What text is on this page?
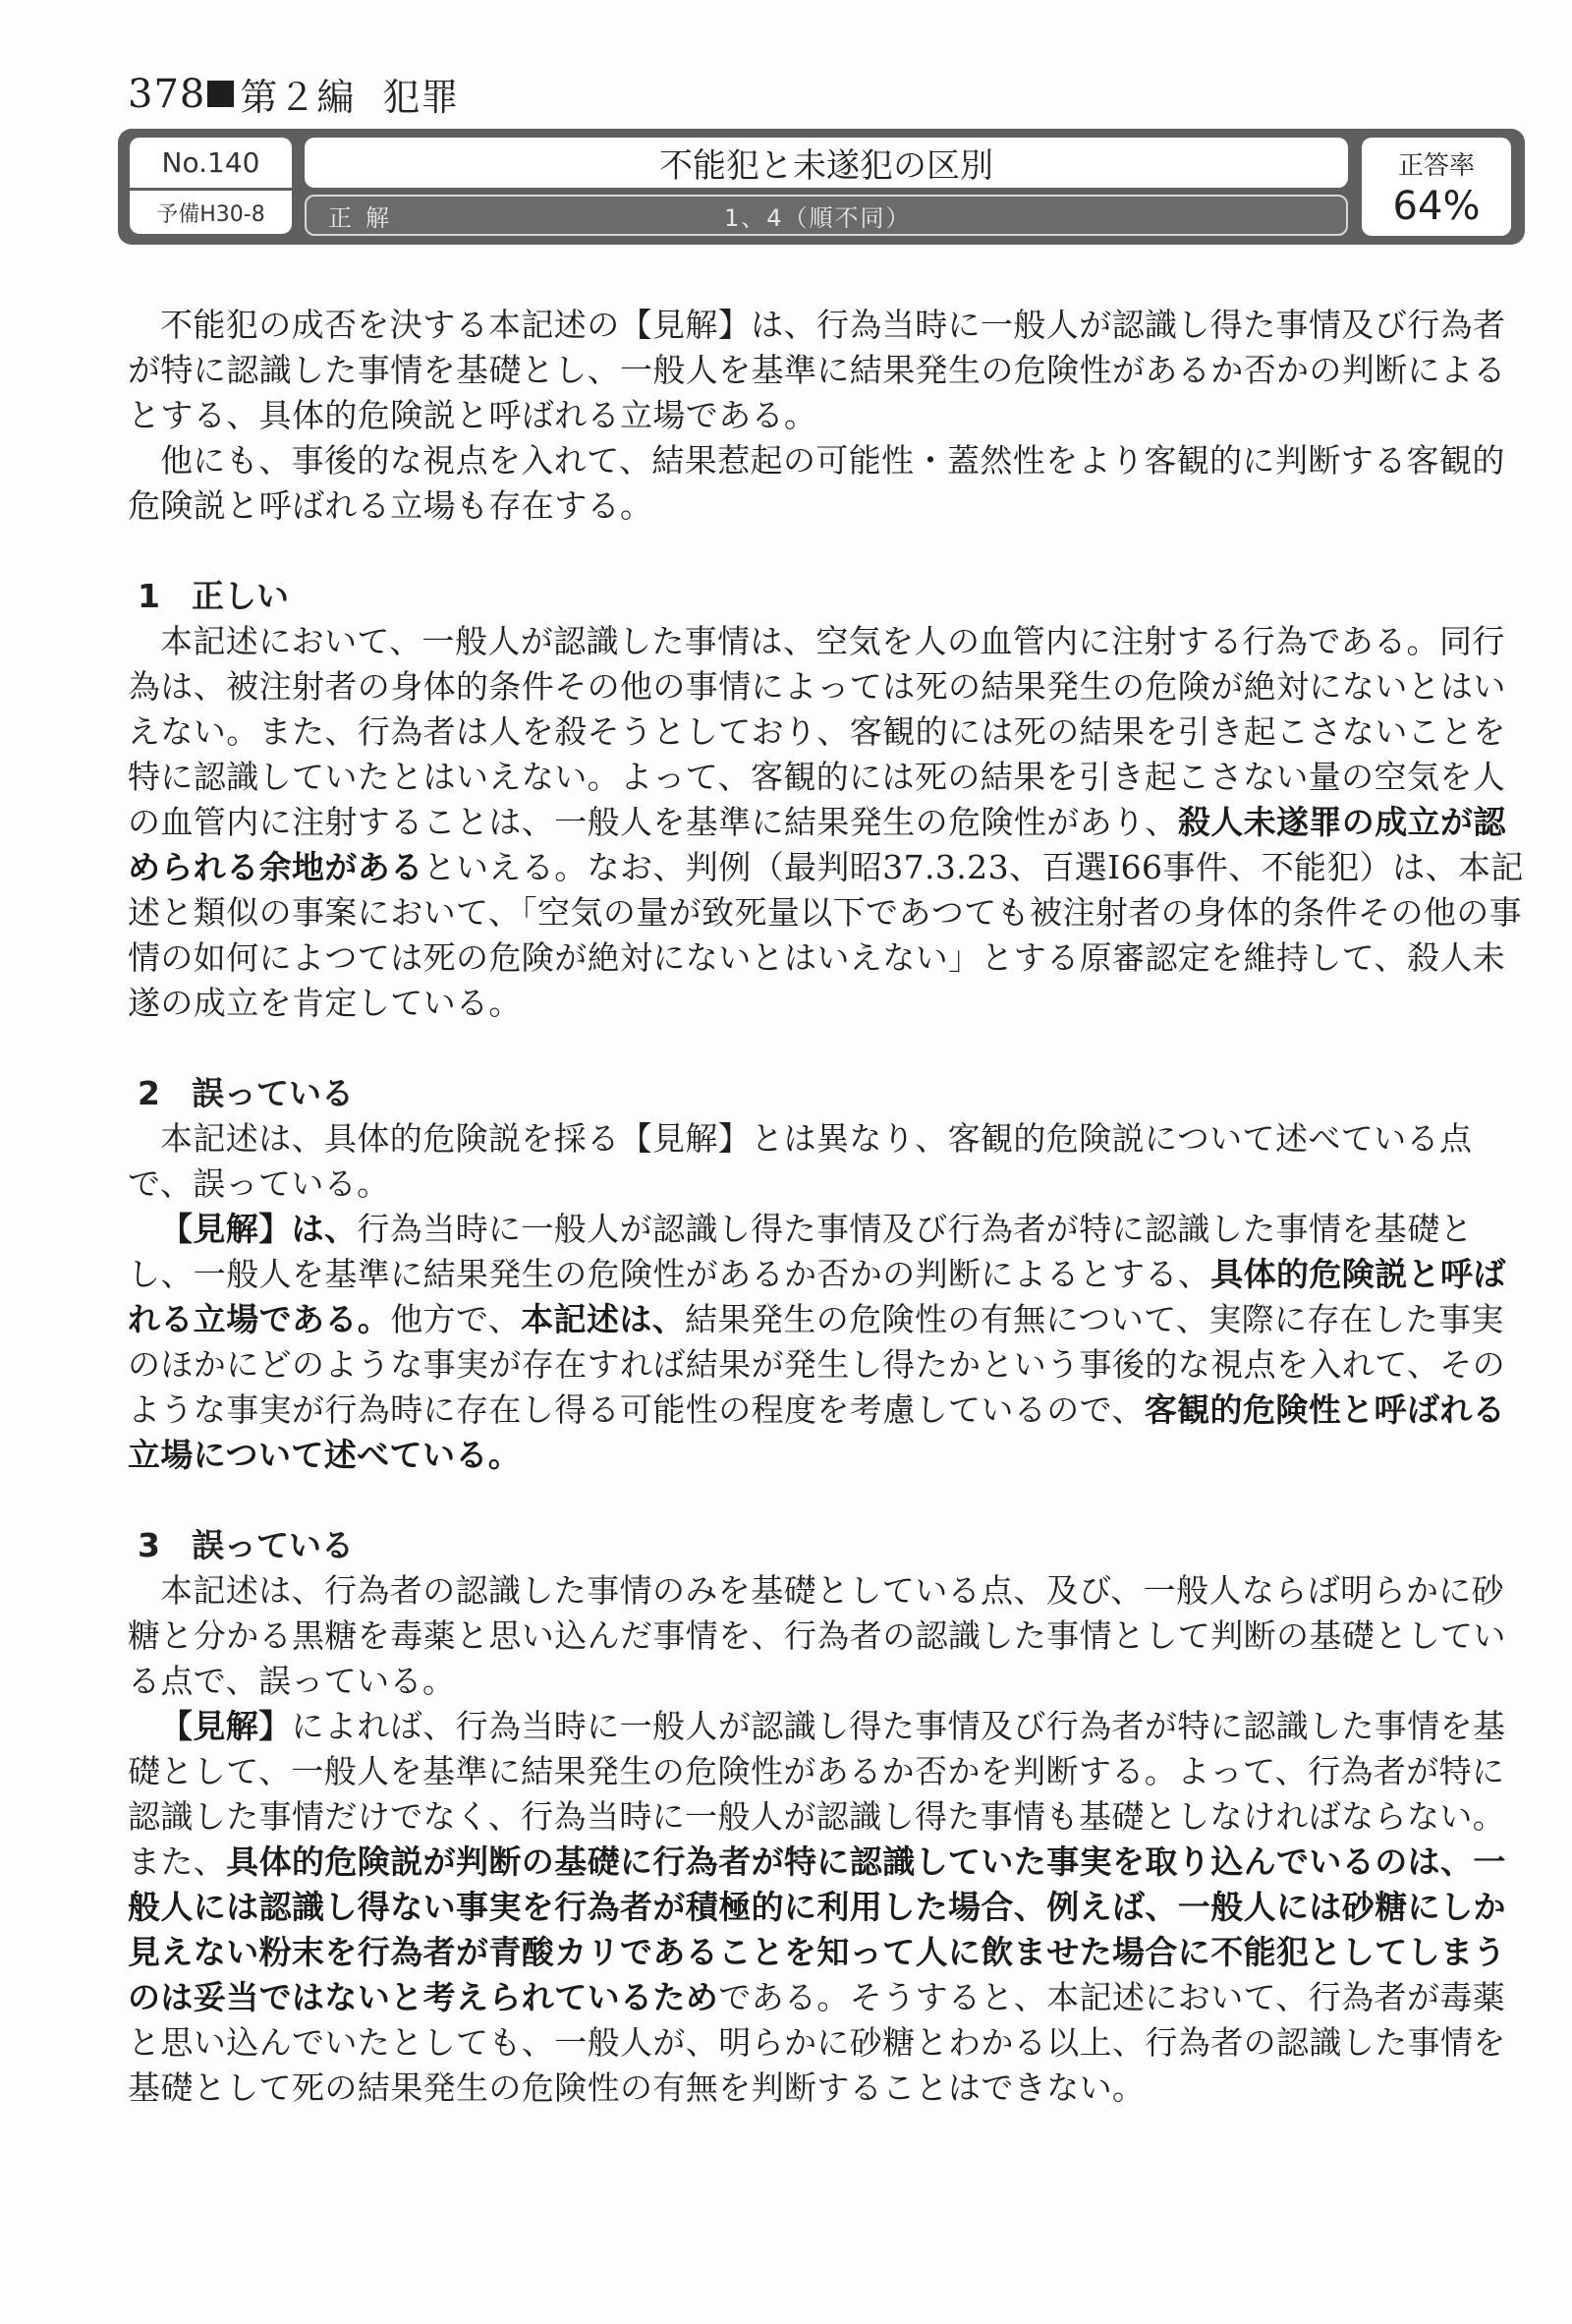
378 第２編 犯罪
No.140
予備H30-8
不能犯と未遂犯の区別
正解	1、4（順不同）
正答率
64%

不能犯の成否を決する本記述の【見解】は、行為当時に一般人が認識し得た事情及び行為者が特に認識した事情を基礎とし、一般人を基準に結果発生の危険性があるか否かの判断によるとする、具体的危険説と呼ばれる立場である。

他にも、事後的な視点を入れて、結果惹起の可能性・蓋然性をより客観的に判断する客観的危険説と呼ばれる立場も存在する。

1 正しい

本記述において、一般人が認識した事情は、空気を人の血管内に注射する行為である。同行為は、被注射者の身体的条件その他の事情によっては死の結果発生の危険が絶対にないとはいえない。また、行為者は人を殺そうとしており、客観的には死の結果を引き起こさないことを特に認識していたとはいえない。よって、客観的には死の結果を引き起こさない量の空気を人の血管内に注射することは、一般人を基準に結果発生の危険性があり、殺人未遂罪の成立が認められる余地があるといえる。なお、判例（最判昭37.3.23、百選Ⅰ66事件、不能犯）は、本記述と類似の事案において、「空気の量が致死量以下であつても被注射者の身体的条件その他の事情の如何によつては死の危険が絶対にないとはいえない」とする原審認定を維持して、殺人未遂の成立を肯定している。

2 誤っている

本記述は、具体的危険説を採る【見解】とは異なり、客観的危険説について述べている点で、誤っている。

【見解】は、行為当時に一般人が認識し得た事情及び行為者が特に認識した事情を基礎とし、一般人を基準に結果発生の危険性があるか否かの判断によるとする、具体的危険説と呼ばれる立場である。他方で、本記述は、結果発生の危険性の有無について、実際に存在した事実のほかにどのような事実が存在すれば結果が発生し得たかという事後的な視点を入れて、そのような事実が行為時に存在し得る可能性の程度を考慮しているので、客観的危険性と呼ばれる立場について述べている。

3 誤っている

本記述は、行為者の認識した事情のみを基礎としている点、及び、一般人ならば明らかに砂糖と分かる黒糖を毒薬と思い込んだ事情を、行為者の認識した事情として判断の基礎としている点で、誤っている。

【見解】によれば、行為当時に一般人が認識し得た事情及び行為者が特に認識した事情を基礎として、一般人を基準に結果発生の危険性があるか否かを判断する。よって、行為者が特に認識した事情だけでなく、行為当時に一般人が認識し得た事情も基礎としなければならない。また、具体的危険説が判断の基礎に行為者が特に認識していた事実を取り込んでいるのは、一般人には認識し得ない事実を行為者が積極的に利用した場合、例えば、一般人には砂糖にしか見えない粉末を行為者が青酸カリであることを知って人に飲ませた場合に不能犯としてしまうのは妥当ではないと考えられているためである。そうすると、本記述において、行為者が毒薬と思い込んでいたとしても、一般人が、明らかに砂糖とわかる以上、行為者の認識した事情を基礎として死の結果発生の危険性の有無を判断することはできない。
